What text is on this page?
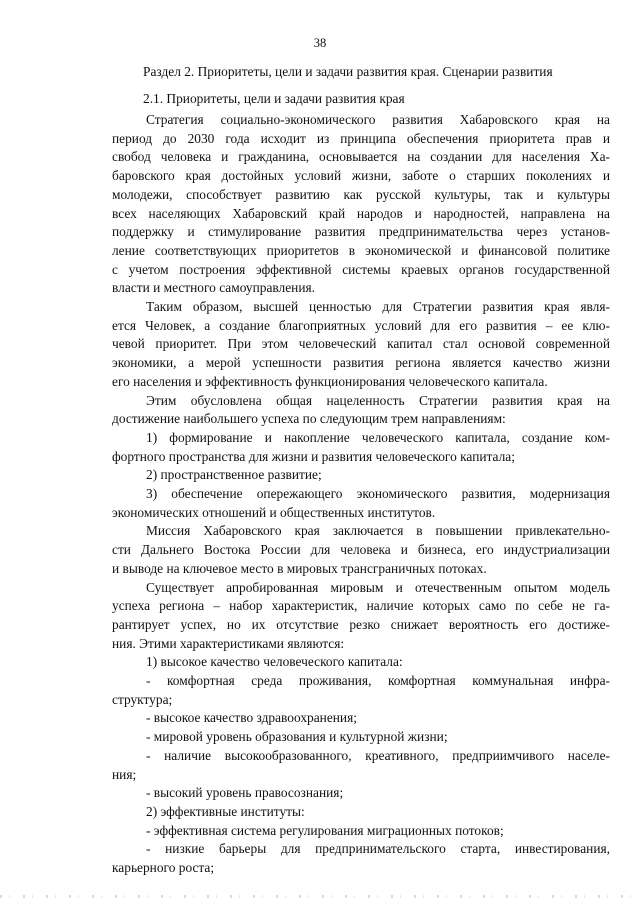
38
Раздел 2. Приоритеты, цели и задачи развития края. Сценарии развития
2.1. Приоритеты, цели и задачи развития края
Стратегия социально-экономического развития Хабаровского края на
период до 2030 года исходит из принципа обеспечения приоритета прав и
свобод человека и гражданина, основывается на создании для населения Ха-
баровского края достойных условий жизни, заботе о старших поколениях и
молодежи, способствует развитию как русской культуры, так и культуры
всех населяющих Хабаровский край народов и народностей, направлена на
поддержку и стимулирование развития предпринимательства через установ-
ление соответствующих приоритетов в экономической и финансовой политике
с учетом построения эффективной системы краевых органов государственной
власти и местного самоуправления.
Таким образом, высшей ценностью для Стратегии развития края явля-
ется Человек, а создание благоприятных условий для его развития – ее клю-
чевой приоритет. При этом человеческий капитал стал основой современной
экономики, а мерой успешности развития региона является качество жизни
его населения и эффективность функционирования человеческого капитала.
Этим обусловлена общая нацеленность Стратегии развития края на
достижение наибольшего успеха по следующим трем направлениям:
1) формирование и накопление человеческого капитала, создание ком-
фортного пространства для жизни и развития человеческого капитала;
2) пространственное развитие;
3) обеспечение опережающего экономического развития, модернизация
экономических отношений и общественных институтов.
Миссия Хабаровского края заключается в повышении привлекательно-
сти Дальнего Востока России для человека и бизнеса, его индустриализации
и выводе на ключевое место в мировых трансграничных потоках.
Существует апробированная мировым и отечественным опытом модель
успеха региона – набор характеристик, наличие которых само по себе не га-
рантирует успех, но их отсутствие резко снижает вероятность его достиже-
ния. Этими характеристиками являются:
1) высокое качество человеческого капитала:
- комфортная среда проживания, комфортная коммунальная инфра-
структура;
- высокое качество здравоохранения;
- мировой уровень образования и культурной жизни;
- наличие высокообразованного, креативного, предприимчивого населе-
ния;
- высокий уровень правосознания;
2) эффективные институты:
- эффективная система регулирования миграционных потоков;
- низкие барьеры для предпринимательского старта, инвестирования,
карьерного роста;
